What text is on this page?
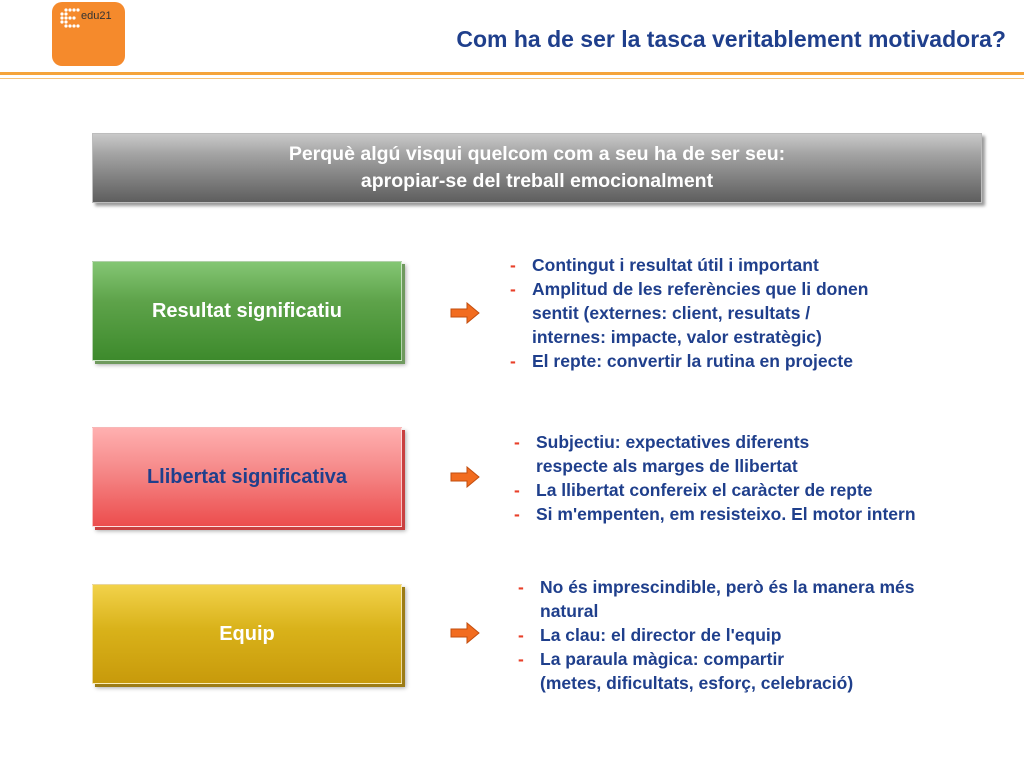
edu21
Com ha de ser la tasca veritablement motivadora?
Perquè algú visqui quelcom com a seu ha de ser seu:
apropiar-se del treball emocionalment
Resultat significatiu
- Contingut i resultat útil i important
- Amplitud de les referències que li donen
sentit (externes: client, resultats /
internes: impacte, valor estratègic)
- El repte: convertir la rutina en projecte
Llibertat significativa
- Subjectiu: expectatives diferents
respecte als marges de llibertat
- La llibertat confereix el caràcter de repte
- Si m'empenten, em resisteixo. El motor intern
Equip
- No és imprescindible, però és la manera més
natural
- La clau: el director de l'equip
- La paraula màgica: compartir
(metes, dificultats, esforç, celebració)
